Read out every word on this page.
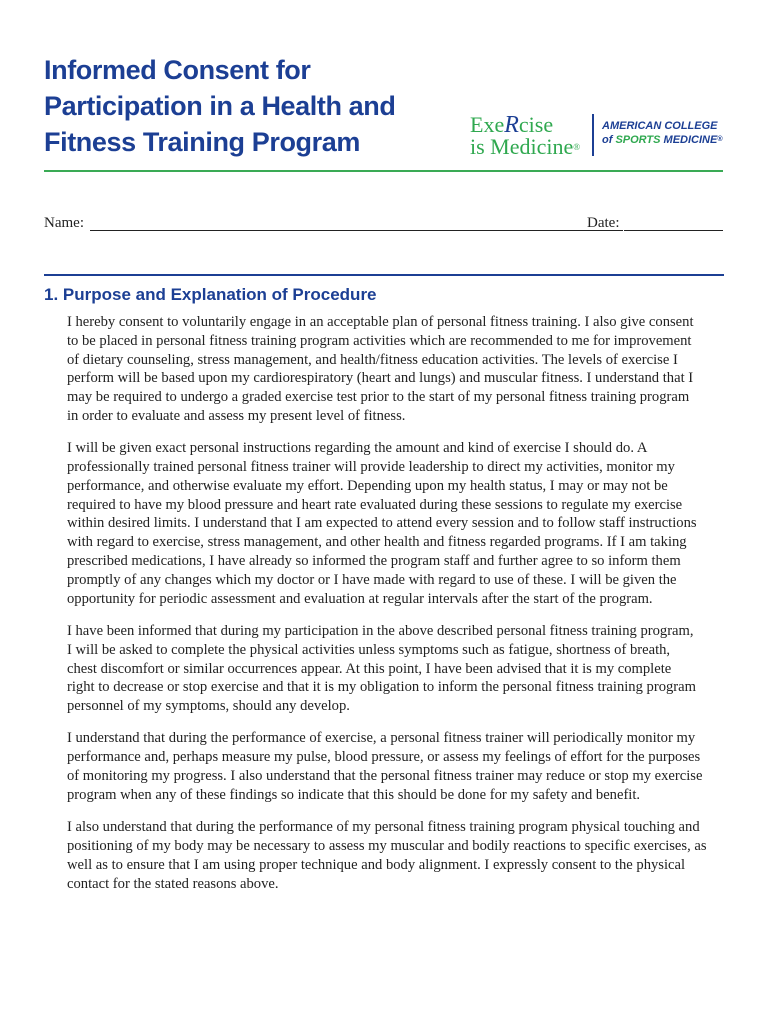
Informed Consent for
Participation in a Health and
Fitness Training Program
ExeRcise
is Medicine®
AMERICAN COLLEGE
of SPORTS MEDICINE®
Name:	Date:
1. Purpose and Explanation of Procedure
I hereby consent to voluntarily engage in an acceptable plan of personal fitness training. I also give consent
to be placed in personal fitness training program activities which are recommended to me for improvement
of dietary counseling, stress management, and health/fitness education activities. The levels of exercise I
perform will be based upon my cardiorespiratory (heart and lungs) and muscular fitness. I understand that I
may be required to undergo a graded exercise test prior to the start of my personal fitness training program
in order to evaluate and assess my present level of fitness.
I will be given exact personal instructions regarding the amount and kind of exercise I should do. A
professionally trained personal fitness trainer will provide leadership to direct my activities, monitor my
performance, and otherwise evaluate my effort. Depending upon my health status, I may or may not be
required to have my blood pressure and heart rate evaluated during these sessions to regulate my exercise
within desired limits. I understand that I am expected to attend every session and to follow staff instructions
with regard to exercise, stress management, and other health and fitness regarded programs. If I am taking
prescribed medications, I have already so informed the program staff and further agree to so inform them
promptly of any changes which my doctor or I have made with regard to use of these. I will be given the
opportunity for periodic assessment and evaluation at regular intervals after the start of the program.
I have been informed that during my participation in the above described personal fitness training program,
I will be asked to complete the physical activities unless symptoms such as fatigue, shortness of breath,
chest discomfort or similar occurrences appear. At this point, I have been advised that it is my complete
right to decrease or stop exercise and that it is my obligation to inform the personal fitness training program
personnel of my symptoms, should any develop.
I understand that during the performance of exercise, a personal fitness trainer will periodically monitor my
performance and, perhaps measure my pulse, blood pressure, or assess my feelings of effort for the purposes
of monitoring my progress. I also understand that the personal fitness trainer may reduce or stop my exercise
program when any of these findings so indicate that this should be done for my safety and benefit.
I also understand that during the performance of my personal fitness training program physical touching and
positioning of my body may be necessary to assess my muscular and bodily reactions to specific exercises, as
well as to ensure that I am using proper technique and body alignment. I expressly consent to the physical
contact for the stated reasons above.
